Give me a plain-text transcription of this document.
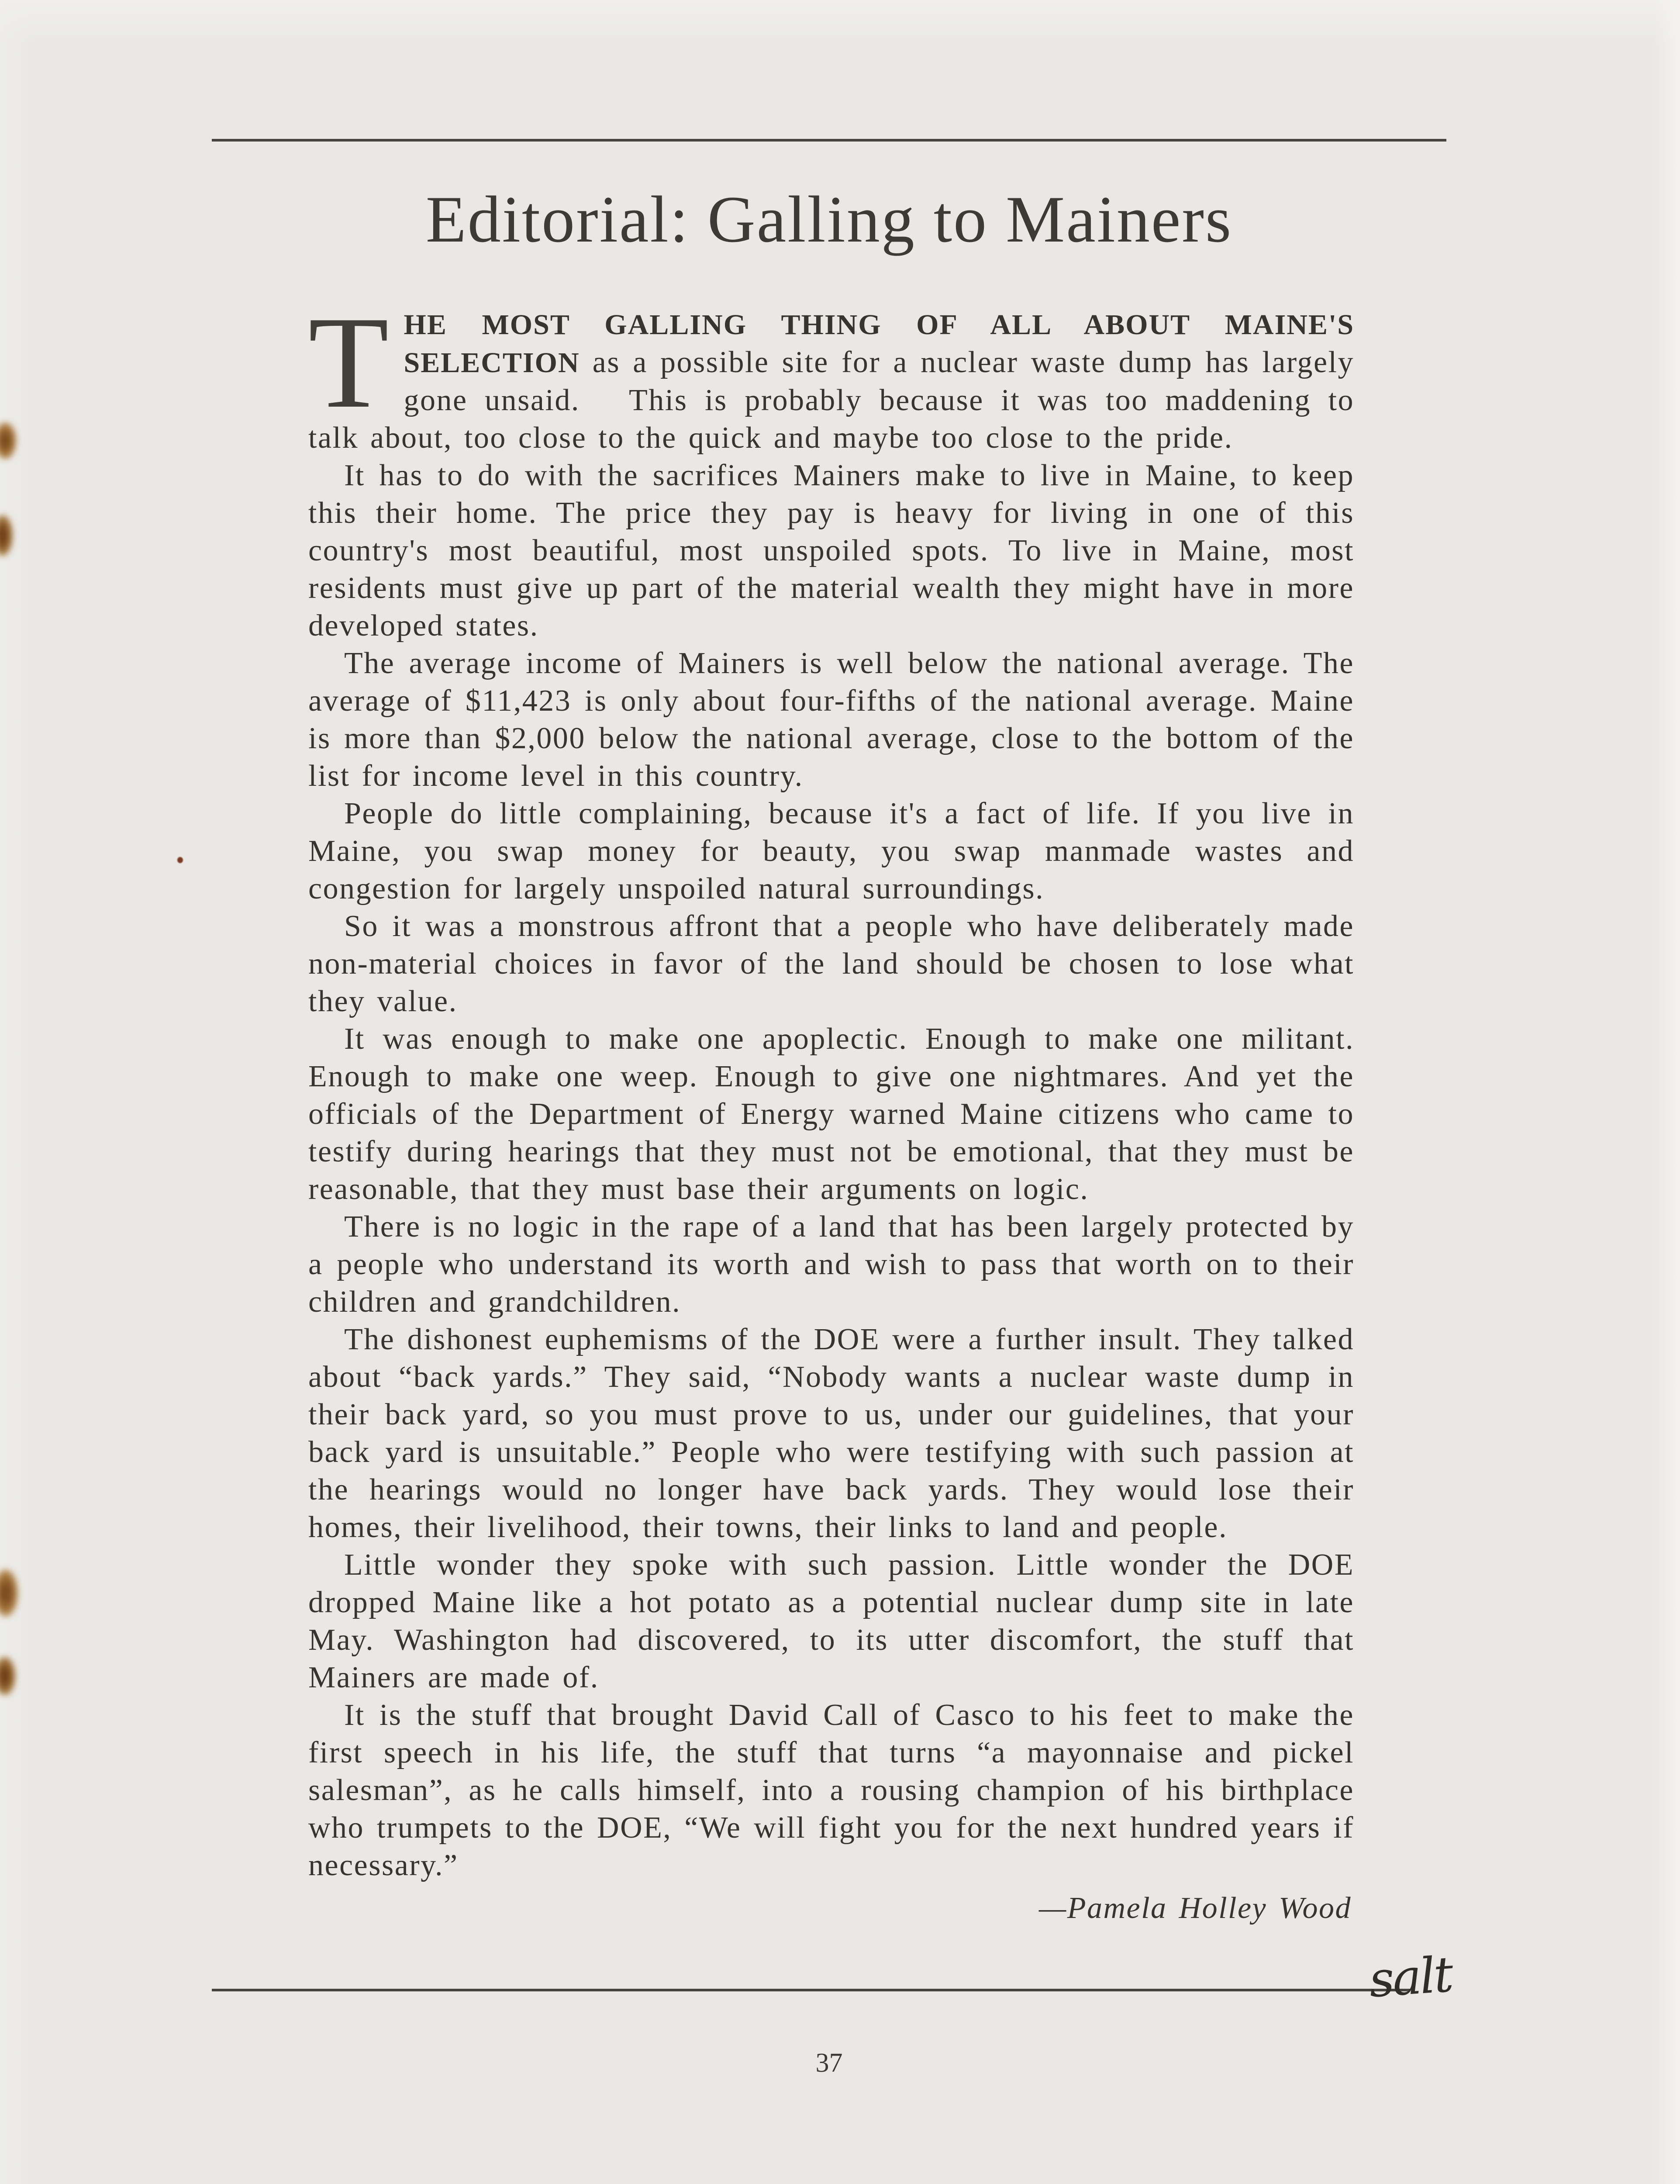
Editorial: Galling to Mainers

THE MOST GALLING THING OF ALL ABOUT MAINE'S SELECTION as a possible site for a nuclear waste dump has largely gone unsaid.  This is probably because it was too maddening to talk about, too close to the quick and maybe too close to the pride.

It has to do with the sacrifices Mainers make to live in Maine, to keep this their home. The price they pay is heavy for living in one of this country's most beautiful, most unspoiled spots. To live in Maine, most residents must give up part of the material wealth they might have in more developed states.

The average income of Mainers is well below the national average. The average of $11,423 is only about four-fifths of the national average. Maine is more than $2,000 below the national average, close to the bottom of the list for income level in this country.

People do little complaining, because it's a fact of life. If you live in Maine, you swap money for beauty, you swap manmade wastes and congestion for largely unspoiled natural surroundings.

So it was a monstrous affront that a people who have deliberately made non-material choices in favor of the land should be chosen to lose what they value.

It was enough to make one apoplectic. Enough to make one militant. Enough to make one weep. Enough to give one nightmares. And yet the officials of the Department of Energy warned Maine citizens who came to testify during hearings that they must not be emotional, that they must be reasonable, that they must base their arguments on logic.

There is no logic in the rape of a land that has been largely protected by a people who understand its worth and wish to pass that worth on to their children and grandchildren.

The dishonest euphemisms of the DOE were a further insult. They talked about “back yards.” They said, “Nobody wants a nuclear waste dump in their back yard, so you must prove to us, under our guidelines, that your back yard is unsuitable.” People who were testifying with such passion at the hearings would no longer have back yards. They would lose their homes, their livelihood, their towns, their links to land and people.

Little wonder they spoke with such passion. Little wonder the DOE dropped Maine like a hot potato as a potential nuclear dump site in late May. Washington had discovered, to its utter discomfort, the stuff that Mainers are made of.

It is the stuff that brought David Call of Casco to his feet to make the first speech in his life, the stuff that turns “a mayonnaise and pickel salesman”, as he calls himself, into a rousing champion of his birthplace who trumpets to the DOE, “We will fight you for the next hundred years if necessary.”

—Pamela Holley Wood

salt
37
